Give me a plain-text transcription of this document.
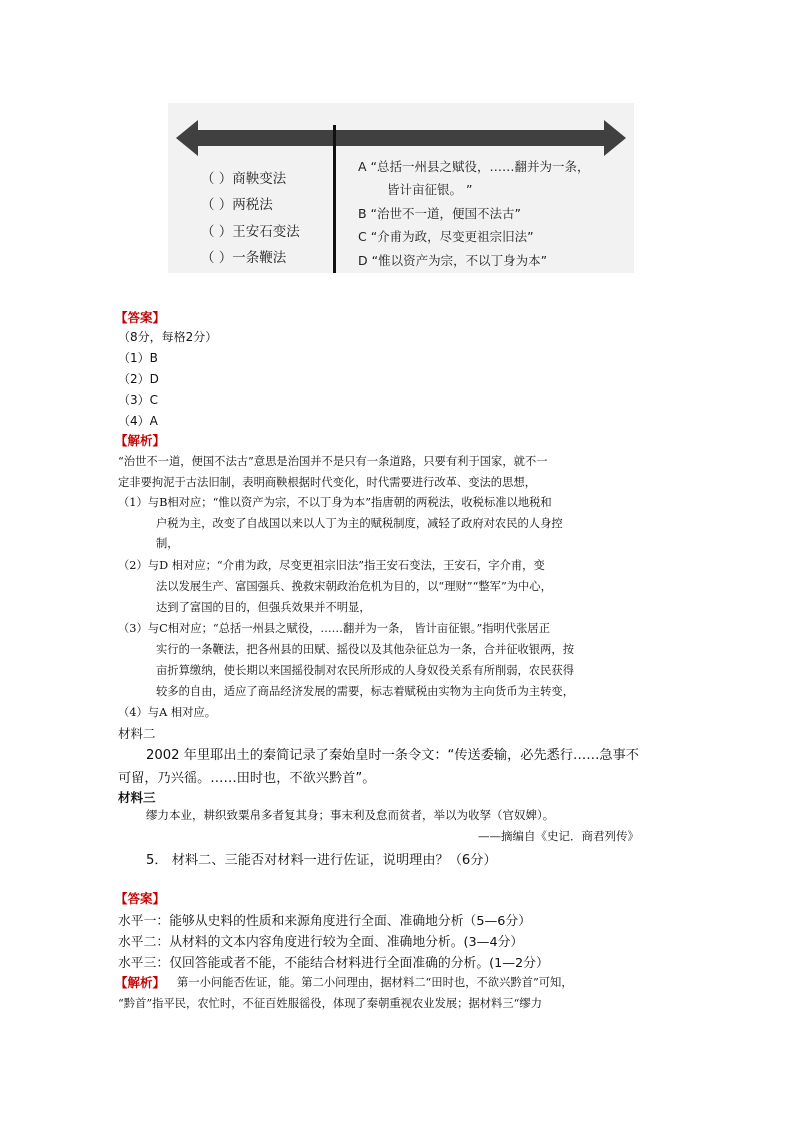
（ ）商鞅变法
（ ）两税法
（ ）王安石变法
（ ）一条鞭法
A “总括一州县之赋役，……翻并为一条，
皆计亩征银。 ”
B “治世不一道，便国不法古”
C “介甫为政，尽变更祖宗旧法”
D “惟以资产为宗，不以丁身为本”
【答案】
（8分，每格2分）
（1）B
（2）D
（3）C
（4）A
【解析】
“治世不一道，便国不法古”意思是治国并不是只有一条道路，只要有利于国家，就不一
定非要拘泥于古法旧制，表明商鞅根据时代变化，时代需要进行改革、变法的思想，
（1）与B相对应；“惟以资产为宗，不以丁身为本”指唐朝的两税法，收税标准以地税和
户税为主，改变了自战国以来以人丁为主的赋税制度，减轻了政府对农民的人身控
制，
（2）与D 相对应；“介甫为政，尽变更祖宗旧法”指王安石变法，王安石，字介甫，变
法以发展生产、富国强兵、挽救宋朝政治危机为目的，以“理财”“整军”为中心，
达到了富国的目的，但强兵效果并不明显，
（3）与C相对应；“总括一州县之赋役，……翻并为一条， 皆计亩征银。”指明代张居正
实行的一条鞭法，把各州县的田赋、摇役以及其他杂征总为一条，合并征收银两，按
亩折算缴纳，使长期以来国摇役制对农民所形成的人身奴役关系有所削弱，农民获得
较多的自由，适应了商品经济发展的需要，标志着赋税由实物为主向货币为主转变，
（4）与A 相对应。
材料二
2002 年里耶出土的秦简记录了秦始皇时一条令文：“传送委输，必先悉行……急事不
可留，乃兴徭。……田时也，不欲兴黔首”。
材料三
缪力本业，耕织致粟帛多者复其身；事末利及怠而贫者，举以为收孥（官奴婢）。
——摘编自《史记．商君列传》
5． 材料二、三能否对材料一进行佐证，说明理由？（6分）
【答案】
水平一：能够从史料的性质和来源角度进行全面、准确地分析（5—6分）
水平二：从材料的文本内容角度进行较为全面、准确地分析。(3—4分）
水平三：仅回答能或者不能，不能结合材料进行全面准确的分析。(1—2分）
【解析】 第一小问能否佐证，能。第二小问理由，据材料二“田时也，不欲兴黔首”可知，
“黔首”指平民，农忙时，不征百姓服徭役，体现了秦朝重视农业发展；据材料三“缪力
